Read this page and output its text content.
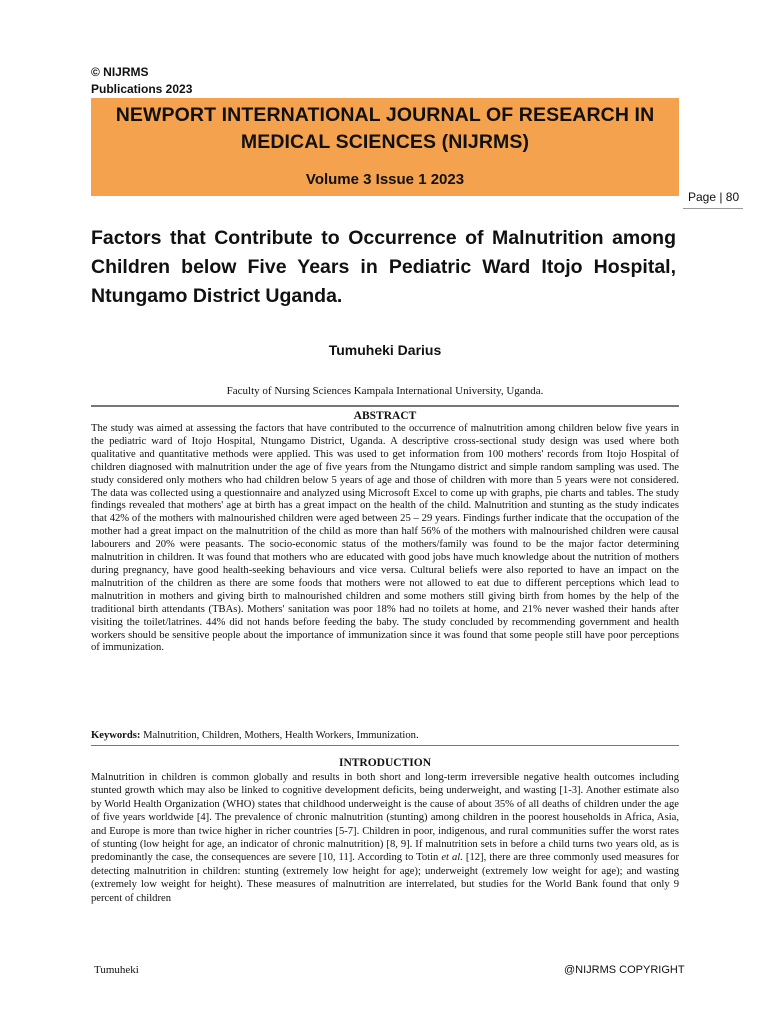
© NIJRMS
Publications 2023
NEWPORT INTERNATIONAL JOURNAL OF RESEARCH IN MEDICAL SCIENCES (NIJRMS)
Volume 3 Issue 1 2023
Page | 80
Factors that Contribute to Occurrence of Malnutrition among Children below Five Years in Pediatric Ward Itojo Hospital, Ntungamo District Uganda.
Tumuheki Darius
Faculty of Nursing Sciences Kampala International University, Uganda.
ABSTRACT
The study was aimed at assessing the factors that have contributed to the occurrence of malnutrition among children below five years in the pediatric ward of Itojo Hospital, Ntungamo District, Uganda. A descriptive cross-sectional study design was used where both qualitative and quantitative methods were applied. This was used to get information from 100 mothers' records from Itojo Hospital of children diagnosed with malnutrition under the age of five years from the Ntungamo district and simple random sampling was used. The study considered only mothers who had children below 5 years of age and those of children with more than 5 years were not considered. The data was collected using a questionnaire and analyzed using Microsoft Excel to come up with graphs, pie charts and tables. The study findings revealed that mothers' age at birth has a great impact on the health of the child. Malnutrition and stunting as the study indicates that 42% of the mothers with malnourished children were aged between 25 – 29 years. Findings further indicate that the occupation of the mother had a great impact on the malnutrition of the child as more than half 56% of the mothers with malnourished children were causal labourers and 20% were peasants. The socio-economic status of the mothers/family was found to be the major factor determining malnutrition in children. It was found that mothers who are educated with good jobs have much knowledge about the nutrition of mothers during pregnancy, have good health-seeking behaviours and vice versa. Cultural beliefs were also reported to have an impact on the malnutrition of the children as there are some foods that mothers were not allowed to eat due to different perceptions which lead to malnutrition in mothers and giving birth to malnourished children and some mothers still giving birth from homes by the help of the traditional birth attendants (TBAs). Mothers' sanitation was poor 18% had no toilets at home, and 21% never washed their hands after visiting the toilet/latrines. 44% did not hands before feeding the baby. The study concluded by recommending government and health workers should be sensitive people about the importance of immunization since it was found that some people still have poor perceptions of immunization.
Keywords: Malnutrition, Children, Mothers, Health Workers, Immunization.
INTRODUCTION
Malnutrition in children is common globally and results in both short and long-term irreversible negative health outcomes including stunted growth which may also be linked to cognitive development deficits, being underweight, and wasting [1-3]. Another estimate also by World Health Organization (WHO) states that childhood underweight is the cause of about 35% of all deaths of children under the age of five years worldwide [4]. The prevalence of chronic malnutrition (stunting) among children in the poorest households in Africa, Asia, and Europe is more than twice higher in richer countries [5-7]. Children in poor, indigenous, and rural communities suffer the worst rates of stunting (low height for age, an indicator of chronic malnutrition) [8, 9]. If malnutrition sets in before a child turns two years old, as is predominantly the case, the consequences are severe [10, 11]. According to Totin et al. [12], there are three commonly used measures for detecting malnutrition in children: stunting (extremely low height for age); underweight (extremely low weight for age); and wasting (extremely low weight for height). These measures of malnutrition are interrelated, but studies for the World Bank found that only 9 percent of children
Tumuheki	@NIJRMS COPYRIGHT
